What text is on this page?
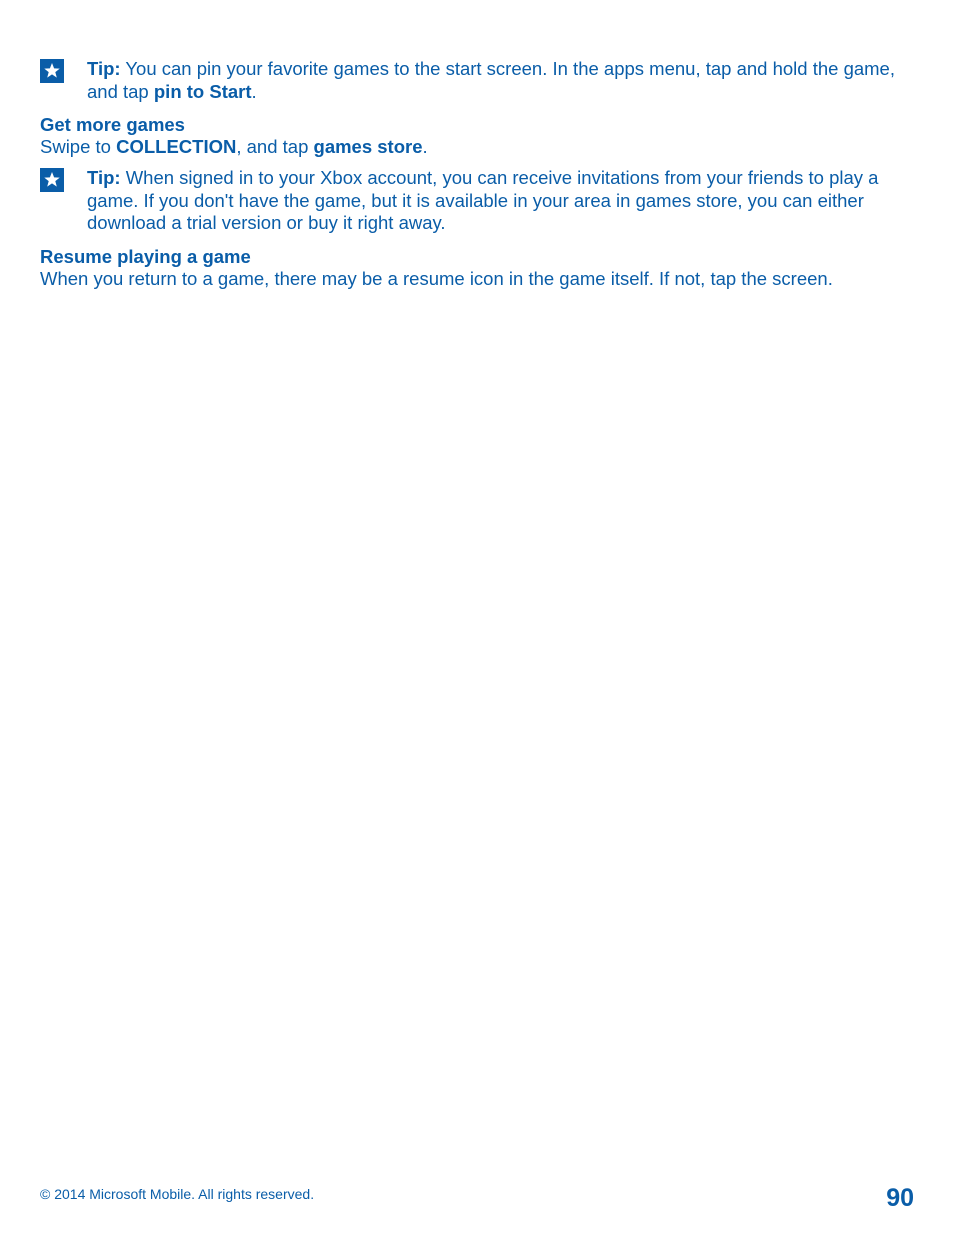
Tip: You can pin your favorite games to the start screen. In the apps menu, tap and hold the game, and tap pin to Start.
Get more games
Swipe to COLLECTION, and tap games store.
Tip: When signed in to your Xbox account, you can receive invitations from your friends to play a game. If you don't have the game, but it is available in your area in games store, you can either download a trial version or buy it right away.
Resume playing a game
When you return to a game, there may be a resume icon in the game itself. If not, tap the screen.
© 2014 Microsoft Mobile. All rights reserved.	90
